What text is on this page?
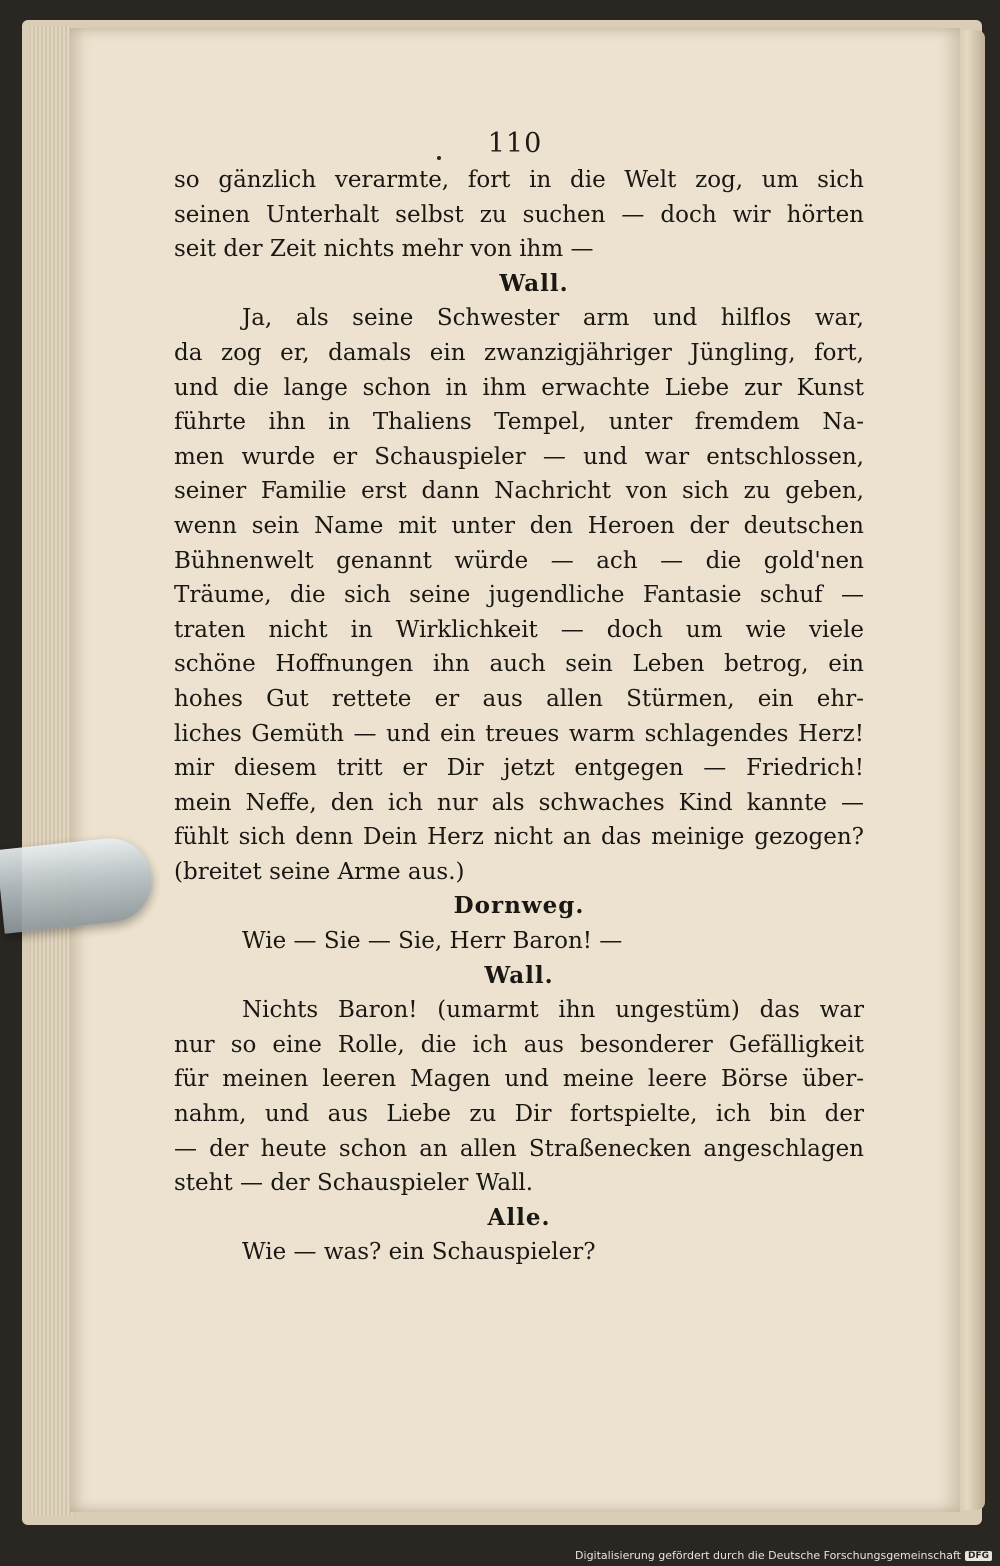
110
so gänzlich verarmte, fort in die Welt zog, um sich
seinen Unterhalt selbst zu suchen — doch wir hörten
seit der Zeit nichts mehr von ihm —
Wall.
Ja, als seine Schwester arm und hilflos war,
da zog er, damals ein zwanzigjähriger Jüngling, fort,
und die lange schon in ihm erwachte Liebe zur Kunst
führte ihn in Thaliens Tempel, unter fremdem Na-
men wurde er Schauspieler — und war entschlossen,
seiner Familie erst dann Nachricht von sich zu geben,
wenn sein Name mit unter den Heroen der deutschen
Bühnenwelt genannt würde — ach — die gold'nen
Träume, die sich seine jugendliche Fantasie schuf —
traten nicht in Wirklichkeit — doch um wie viele
schöne Hoffnungen ihn auch sein Leben betrog, ein
hohes Gut rettete er aus allen Stürmen, ein ehr-
liches Gemüth — und ein treues warm schlagendes Herz!
mir diesem tritt er Dir jetzt entgegen — Friedrich!
mein Neffe, den ich nur als schwaches Kind kannte —
fühlt sich denn Dein Herz nicht an das meinige gezogen?
(breitet seine Arme aus.)
Dornweg.
Wie — Sie — Sie, Herr Baron! —
Wall.
Nichts Baron! (umarmt ihn ungestüm) das war
nur so eine Rolle, die ich aus besonderer Gefälligkeit
für meinen leeren Magen und meine leere Börse über-
nahm, und aus Liebe zu Dir fortspielte, ich bin der
— der heute schon an allen Straßenecken angeschlagen
steht — der Schauspieler Wall.
Alle.
Wie — was? ein Schauspieler?
Digitalisierung gefördert durch die Deutsche Forschungsgemeinschaft DFG
